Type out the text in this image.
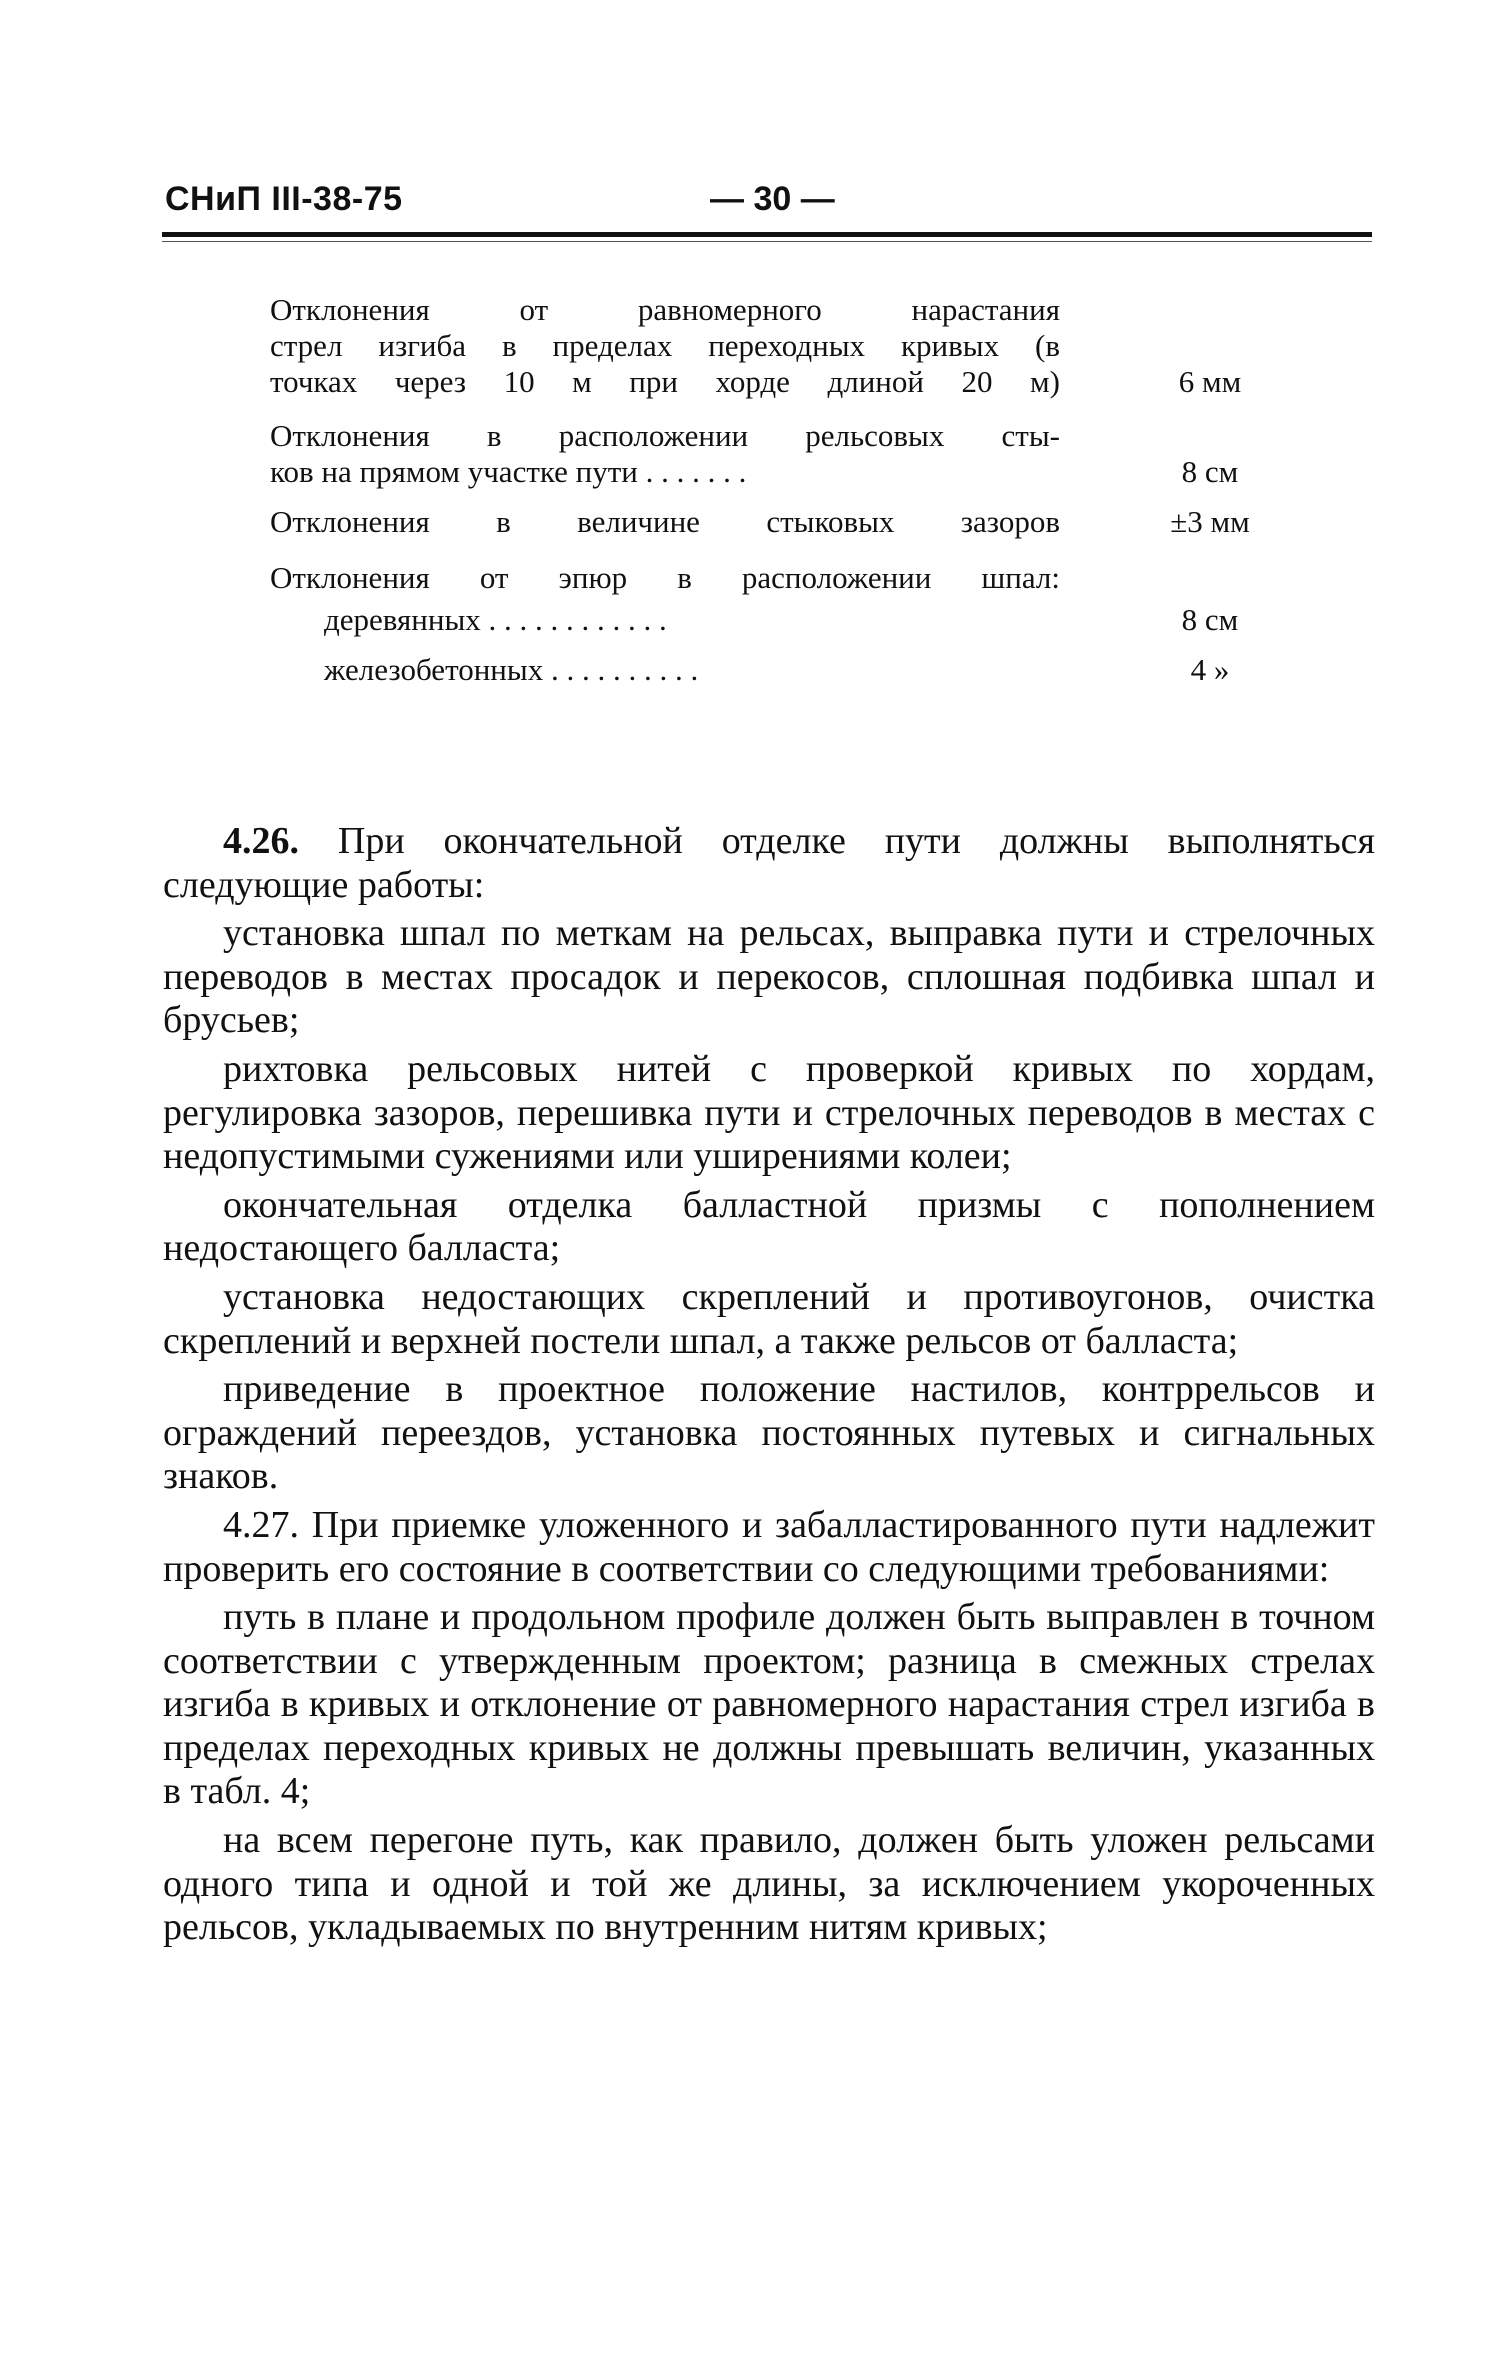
СНиП III-38-75	— 30 —
Отклонения от равномерного нарастания
стрел изгиба в пределах переходных кривых (в
точках через 10 м при хорде длиной 20 м)	6 мм
Отклонения в расположении рельсовых сты-
ков на прямом участке пути . . . . . . .	8 см
Отклонения в величине стыковых зазоров	±3 мм
Отклонения от эпюр в расположении шпал:
деревянных . . . . . . . . . . . .	8 см
железобетонных . . . . . . . . . .	4 »

4.26. При окончательной отделке пути должны выполняться следующие работы:

установка шпал по меткам на рельсах, выправка пути и стрелочных переводов в местах просадок и перекосов, сплошная подбивка шпал и брусьев;

рихтовка рельсовых нитей с проверкой кривых по хордам, регулировка зазоров, перешивка пути и стрелочных переводов в местах с недопустимыми сужениями или уширениями колеи;

окончательная отделка балластной призмы с пополнением недостающего балласта;

установка недостающих скреплений и противоугонов, очистка скреплений и верхней постели шпал, а также рельсов от балласта;

приведение в проектное положение настилов, контррельсов и ограждений переездов, установка постоянных путевых и сигнальных знаков.

4.27. При приемке уложенного и забалластированного пути надлежит проверить его состояние в соответствии со следующими требованиями:

путь в плане и продольном профиле должен быть выправлен в точном соответствии с утвержденным проектом; разница в смежных стрелах изгиба в кривых и отклонение от равномерного нарастания стрел изгиба в пределах переходных кривых не должны превышать величин, указанных в табл. 4;

на всем перегоне путь, как правило, должен быть уложен рельсами одного типа и одной и той же длины, за исключением укороченных рельсов, укладываемых по внутренним нитям кривых;
